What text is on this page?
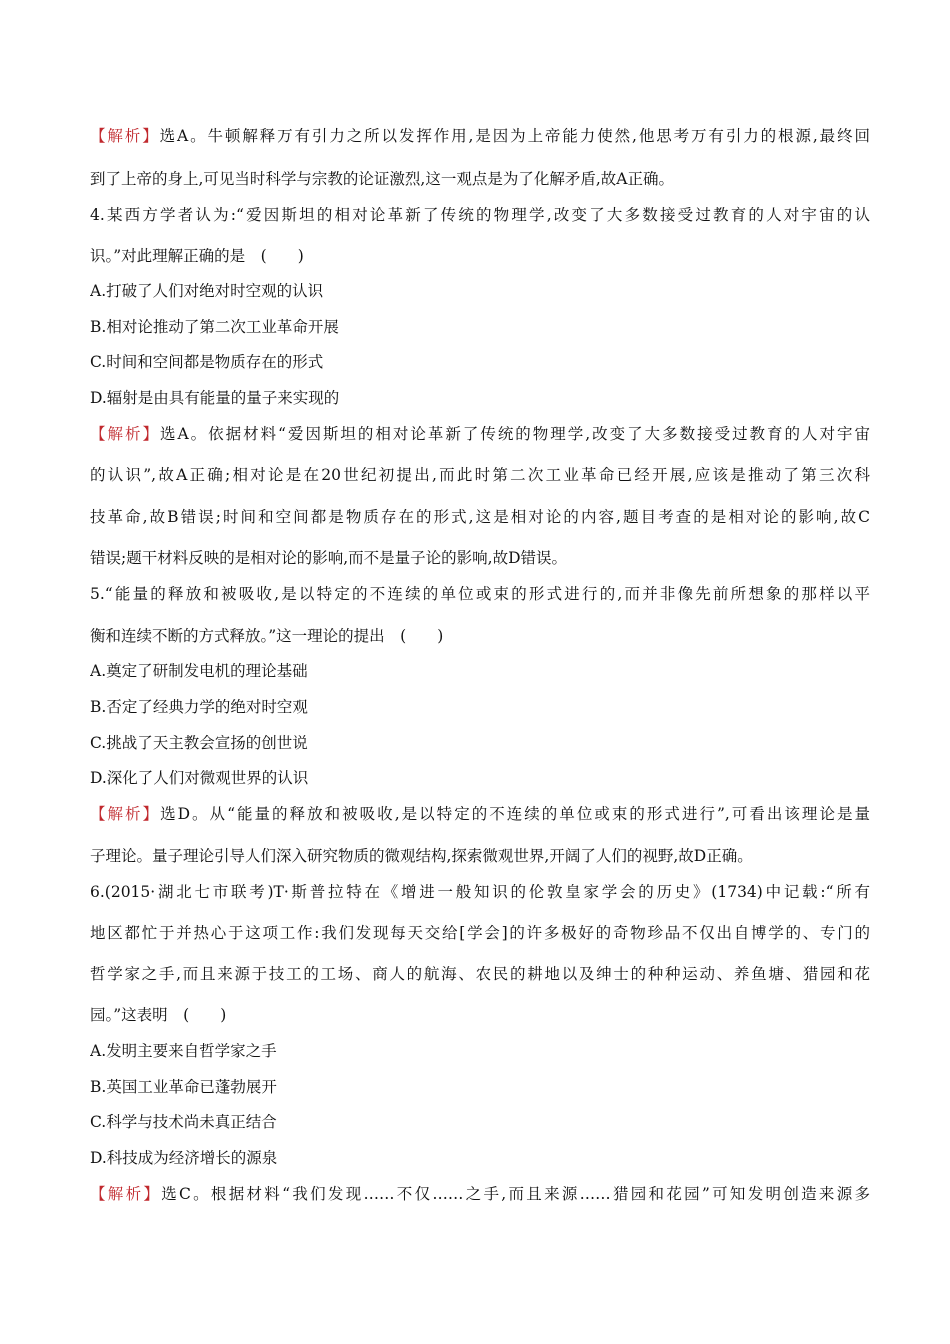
【解析】选A。牛顿解释万有引力之所以发挥作用,是因为上帝能力使然,他思考万有引力的根源,最终回
到了上帝的身上,可见当时科学与宗教的论证激烈,这一观点是为了化解矛盾,故A正确。
4.某西方学者认为:“爱因斯坦的相对论革新了传统的物理学,改变了大多数接受过教育的人对宇宙的认
识。”对此理解正确的是　(　　)
A.打破了人们对绝对时空观的认识
B.相对论推动了第二次工业革命开展
C.时间和空间都是物质存在的形式
D.辐射是由具有能量的量子来实现的
【解析】选A。依据材料“爱因斯坦的相对论革新了传统的物理学,改变了大多数接受过教育的人对宇宙
的认识”,故A正确;相对论是在20世纪初提出,而此时第二次工业革命已经开展,应该是推动了第三次科
技革命,故B错误;时间和空间都是物质存在的形式,这是相对论的内容,题目考查的是相对论的影响,故C
错误;题干材料反映的是相对论的影响,而不是量子论的影响,故D错误。
5.“能量的释放和被吸收,是以特定的不连续的单位或束的形式进行的,而并非像先前所想象的那样以平
衡和连续不断的方式释放。”这一理论的提出　(　　)
A.奠定了研制发电机的理论基础
B.否定了经典力学的绝对时空观
C.挑战了天主教会宣扬的创世说
D.深化了人们对微观世界的认识
【解析】选D。从“能量的释放和被吸收,是以特定的不连续的单位或束的形式进行”,可看出该理论是量
子理论。量子理论引导人们深入研究物质的微观结构,探索微观世界,开阔了人们的视野,故D正确。
6.(2015·湖北七市联考)T·斯普拉特在《增进一般知识的伦敦皇家学会的历史》(1734)中记载:“所有
地区都忙于并热心于这项工作:我们发现每天交给[学会]的许多极好的奇物珍品不仅出自博学的、专门的
哲学家之手,而且来源于技工的工场、商人的航海、农民的耕地以及绅士的种种运动、养鱼塘、猎园和花
园。”这表明　(　　)
A.发明主要来自哲学家之手
B.英国工业革命已蓬勃展开
C.科学与技术尚未真正结合
D.科技成为经济增长的源泉
【解析】选C。根据材料“我们发现……不仅……之手,而且来源……猎园和花园”可知发明创造来源多
